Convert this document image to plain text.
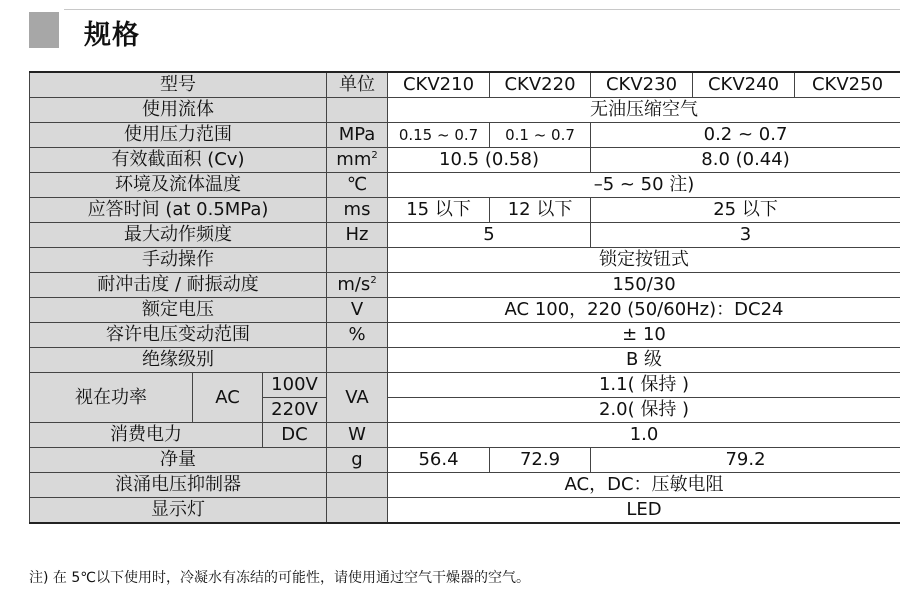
规格
型号			单位	CKV210	CKV220	CKV230	CKV240	CKV250
使用流体				无油压缩空气				
使用压力范围			MPa	0.15 ~ 0.7	0.1 ~ 0.7	0.2 ~ 0.7		
有效截面积 (Cv)			$mm^2$	10.5 (0.58)		8.0 (0.44)		
环境及流体温度			℃	–5 ~ 50 注)				
应答时间 (at 0.5MPa)			ms	15 以下	12 以下	25 以下		
最大动作频度			Hz	5		3		
手动操作				锁定按钮式				
耐冲击度 / 耐振动度			$m/s^2$	150/30				
额定电压			V	AC 100，220 (50/60Hz)：DC24				
容许电压变动范围			%	± 10				
绝缘级别				B 级				
视在功率	AC	100V	VA	1.1( 保持 )				
		220V		2.0( 保持 )				
消费电力		DC	W	1.0				
净量			g	56.4	72.9	79.2		
浪涌电压抑制器				AC，DC：压敏电阻				
显示灯				LED				
注) 在 5℃以下使用时，冷凝水有冻结的可能性，请使用通过空气干燥器的空气。
